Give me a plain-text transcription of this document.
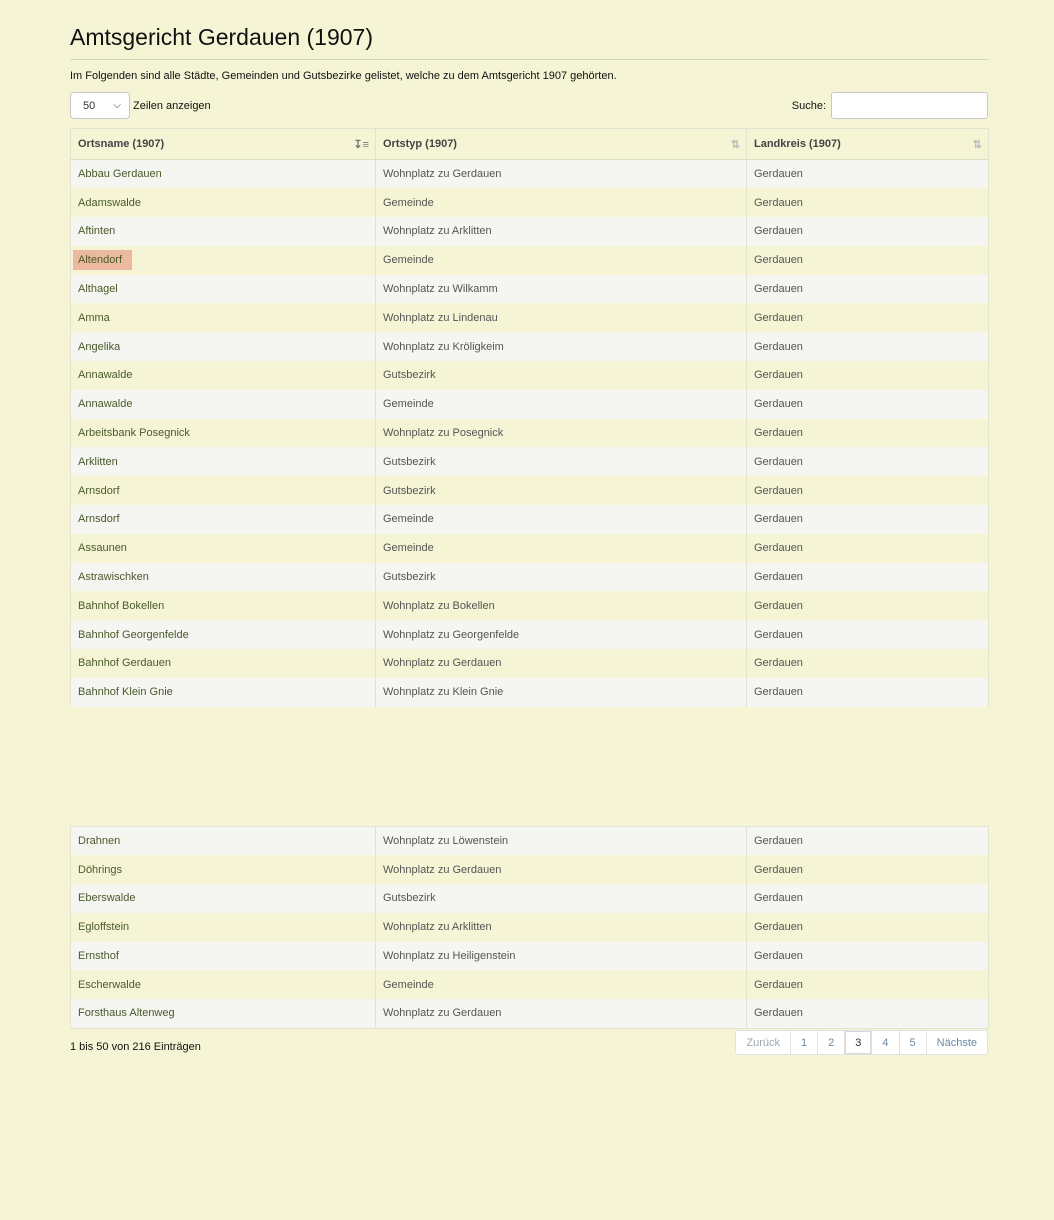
Amtsgericht Gerdauen (1907)

Im Folgenden sind alle Städte, Gemeinden und Gutsbezirke gelistet, welche zu dem Amtsgericht 1907 gehörten.

50 ⌵ Zeilen anzeigen	Suche:
Ortsname (1907) ↧≡	Ortstyp (1907) ⇅	Landkreis (1907) ⇅

Abbau Gerdauen	Wohnplatz zu Gerdauen	Gerdauen
Adamswalde	Gemeinde	Gerdauen
Aftinten	Wohnplatz zu Arklitten	Gerdauen
Altendorf	Gemeinde	Gerdauen
Althagel	Wohnplatz zu Wilkamm	Gerdauen
Amma	Wohnplatz zu Lindenau	Gerdauen
Angelika	Wohnplatz zu Kröligkeim	Gerdauen
Annawalde	Gutsbezirk	Gerdauen
Annawalde	Gemeinde	Gerdauen
Arbeitsbank Posegnick	Wohnplatz zu Posegnick	Gerdauen
Arklitten	Gutsbezirk	Gerdauen
Arnsdorf	Gutsbezirk	Gerdauen
Arnsdorf	Gemeinde	Gerdauen
Assaunen	Gemeinde	Gerdauen
Astrawischken	Gutsbezirk	Gerdauen
Bahnhof Bokellen	Wohnplatz zu Bokellen	Gerdauen
Bahnhof Georgenfelde	Wohnplatz zu Georgenfelde	Gerdauen
Bahnhof Gerdauen	Wohnplatz zu Gerdauen	Gerdauen
Bahnhof Klein Gnie	Wohnplatz zu Klein Gnie	Gerdauen
Drahnen	Wohnplatz zu Löwenstein	Gerdauen
Döhrings	Wohnplatz zu Gerdauen	Gerdauen
Eberswalde	Gutsbezirk	Gerdauen
Egloffstein	Wohnplatz zu Arklitten	Gerdauen
Ernsthof	Wohnplatz zu Heiligenstein	Gerdauen
Escherwalde	Gemeinde	Gerdauen
Forsthaus Altenweg	Wohnplatz zu Gerdauen	Gerdauen
1 bis 50 von 216 Einträgen	Zurück	1	2	3	4	5	Nächste
